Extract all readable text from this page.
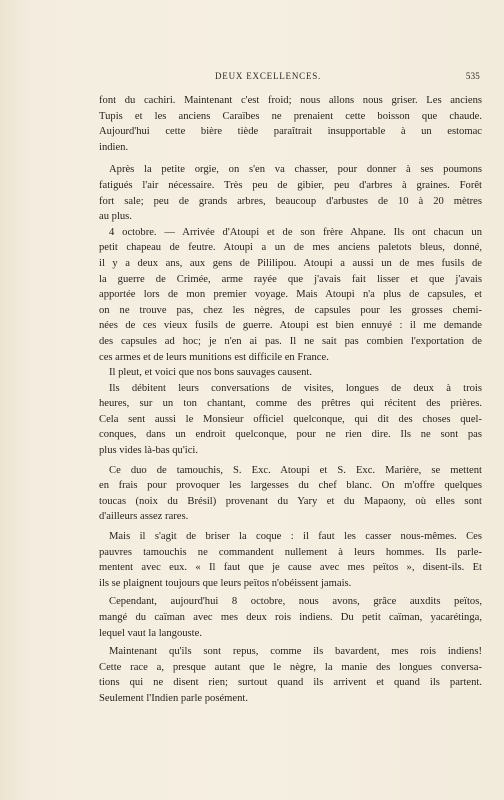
DEUX EXCELLENCES.	535
font du cachiri. Maintenant c'est froid; nous allons nous griser. Les anciens
Tupis et les anciens Caraïbes ne prenaient cette boisson que chaude.
Aujourd'hui cette bière tiède paraîtrait insupportable à un estomac
indien.
Après la petite orgie, on s'en va chasser, pour donner à ses poumons
fatigués l'air nécessaire. Très peu de gibier, peu d'arbres à graines. Forêt
fort sale; peu de grands arbres, beaucoup d'arbustes de 10 à 20 mètres
au plus.
4 octobre. — Arrivée d'Atoupi et de son frère Ahpane. Ils ont chacun un
petit chapeau de feutre. Atoupi a un de mes anciens paletots bleus, donné,
il y a deux ans, aux gens de Pililipou. Atoupi a aussi un de mes fusils de
la guerre de Crimée, arme rayée que j'avais fait lisser et que j'avais
apportée lors de mon premier voyage. Mais Atoupi n'a plus de capsules, et
on ne trouve pas, chez les nègres, de capsules pour les grosses chemi-
nées de ces vieux fusils de guerre. Atoupi est bien ennuyé : il me demande
des capsules ad hoc; je n'en ai pas. Il ne sait pas combien l'exportation de
ces armes et de leurs munitions est difficile en France.
Il pleut, et voici que nos bons sauvages causent.
Ils débitent leurs conversations de visites, longues de deux à trois
heures, sur un ton chantant, comme des prêtres qui récitent des prières.
Cela sent aussi le Monsieur officiel quelconque, qui dit des choses quel-
conques, dans un endroit quelconque, pour ne rien dire. Ils ne sont pas
plus vides là-bas qu'ici.
Ce duo de tamouchis, S. Exc. Atoupi et S. Exc. Marière, se mettent
en frais pour provoquer les largesses du chef blanc. On m'offre quelques
toucas (noix du Brésil) provenant du Yary et du Mapaony, où elles sont
d'ailleurs assez rares.
Mais il s'agit de briser la coque : il faut les casser nous-mêmes. Ces
pauvres tamouchis ne commandent nullement à leurs hommes. Ils parle-
mentent avec eux. « Il faut que je cause avec mes peïtos », disent-ils. Et
ils se plaignent toujours que leurs peïtos n'obéissent jamais.
Cependant, aujourd'hui 8 octobre, nous avons, grâce auxdits peïtos,
mangé du caïman avec mes deux rois indiens. Du petit caïman, yacarétinga,
lequel vaut la langouste.
Maintenant qu'ils sont repus, comme ils bavardent, mes rois indiens!
Cette race a, presque autant que le nègre, la manie des longues conversa-
tions qui ne disent rien; surtout quand ils arrivent et quand ils partent.
Seulement l'Indien parle posément.
